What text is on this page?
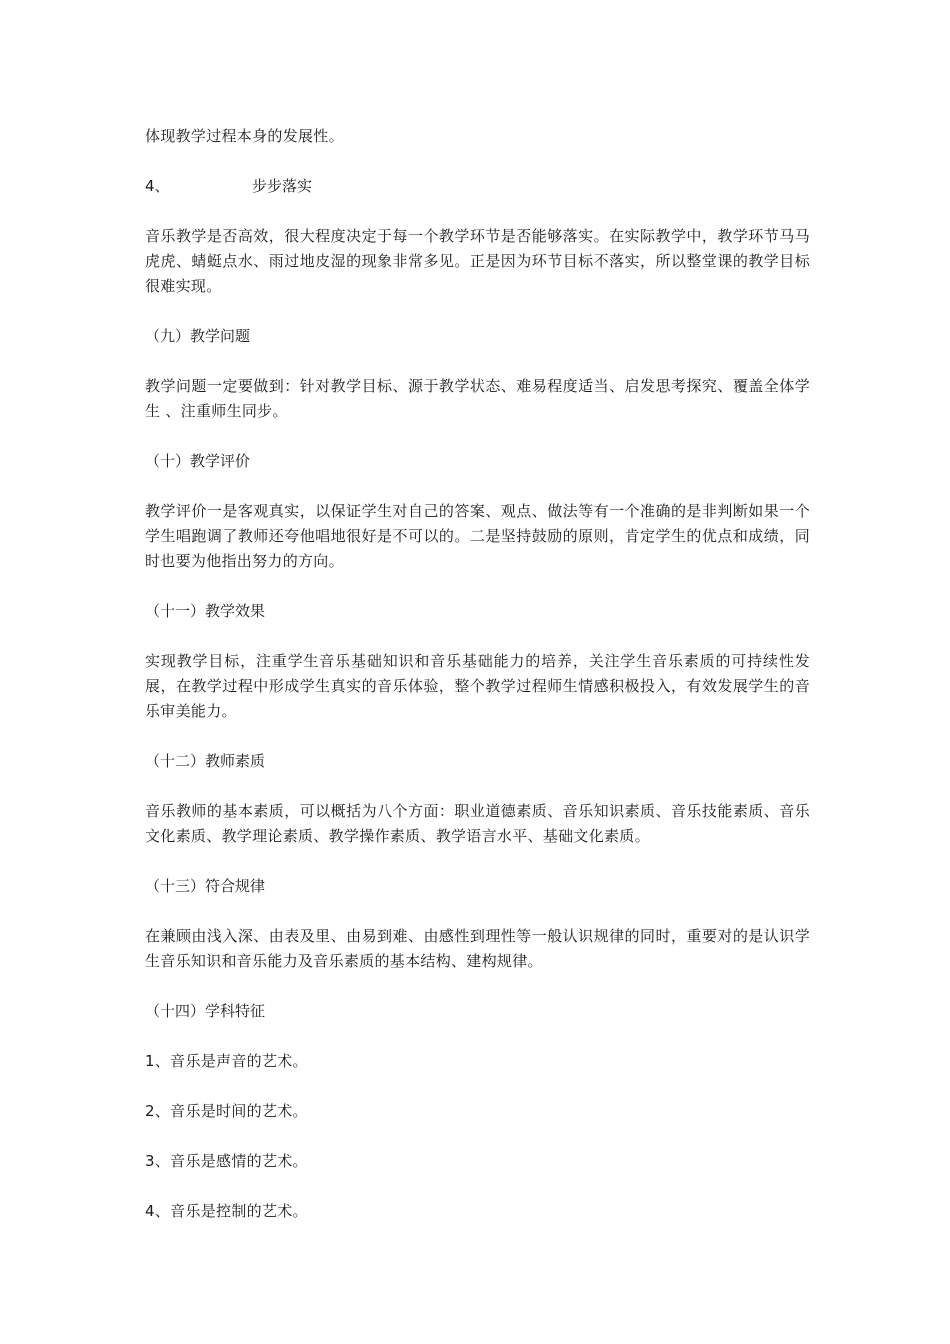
体现教学过程本身的发展性。

4、	步步落实

音乐教学是否高效，很大程度决定于每一个教学环节是否能够落实。在实际教学中，教学环节马马虎虎、蜻蜓点水、雨过地皮湿的现象非常多见。正是因为环节目标不落实，所以整堂课的教学目标很难实现。

（九）教学问题

教学问题一定要做到：针对教学目标、源于教学状态、难易程度适当、启发思考探究、覆盖全体学生 、注重师生同步。

（十）教学评价

教学评价一是客观真实，以保证学生对自己的答案、观点、做法等有一个准确的是非判断如果一个学生唱跑调了教师还夸他唱地很好是不可以的。二是坚持鼓励的原则，肯定学生的优点和成绩，同时也要为他指出努力的方向。

（十一）教学效果

实现教学目标，注重学生音乐基础知识和音乐基础能力的培养，关注学生音乐素质的可持续性发展，在教学过程中形成学生真实的音乐体验，整个教学过程师生情感积极投入，有效发展学生的音乐审美能力。

（十二）教师素质

音乐教师的基本素质，可以概括为八个方面：职业道德素质、音乐知识素质、音乐技能素质、音乐文化素质、教学理论素质、教学操作素质、教学语言水平、基础文化素质。

（十三）符合规律

在兼顾由浅入深、由表及里、由易到难、由感性到理性等一般认识规律的同时，重要对的是认识学生音乐知识和音乐能力及音乐素质的基本结构、建构规律。

（十四）学科特征

1、音乐是声音的艺术。

2、音乐是时间的艺术。

3、音乐是感情的艺术。

4、音乐是控制的艺术。
